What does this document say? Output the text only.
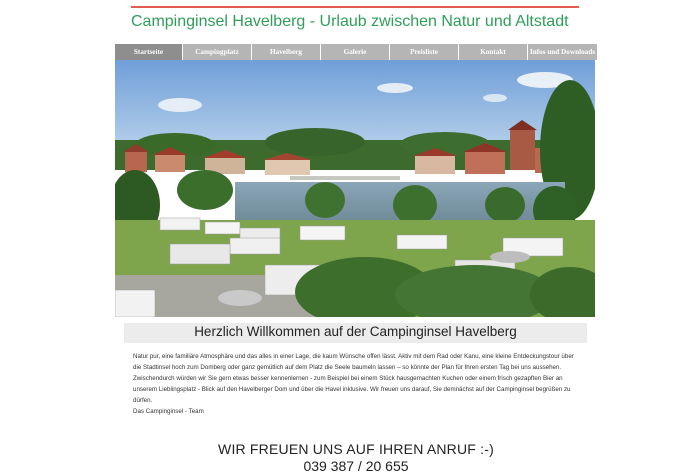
Campinginsel Havelberg - Urlaub zwischen Natur und Altstadt
Startseite	Campingplatz	Havelberg	Galerie	Preisliste	Kontakt	Infos und Downloads
Herzlich Willkommen auf der Campinginsel Havelberg
Natur pur, eine familiäre Atmosphäre und das alles in einer Lage, die kaum Wünsche offen lässt. Aktiv mit dem Rad oder Kanu, eine kleine Entdeckungstour über die Stadtinsel hoch zum Domberg oder ganz gemütlich auf dem Platz die Seele baumeln lassen – so könnte der Plan für Ihren ersten Tag bei uns aussehen. Zwischendurch würden wir Sie gern etwas besser kennenlernen - zum Beispiel bei einem Stück hausgemachten Kuchen oder einem frisch gezapften Bier an unserem Lieblingsplatz - Blick auf den Havelberger Dom und über die Havel inklusive. Wir freuen uns darauf, Sie demnächst auf der Campinginsel begrüßen zu dürfen.
Das Campinginsel - Team
WIR FREUEN UNS AUF IHREN ANRUF :-)
039 387 / 20 655
